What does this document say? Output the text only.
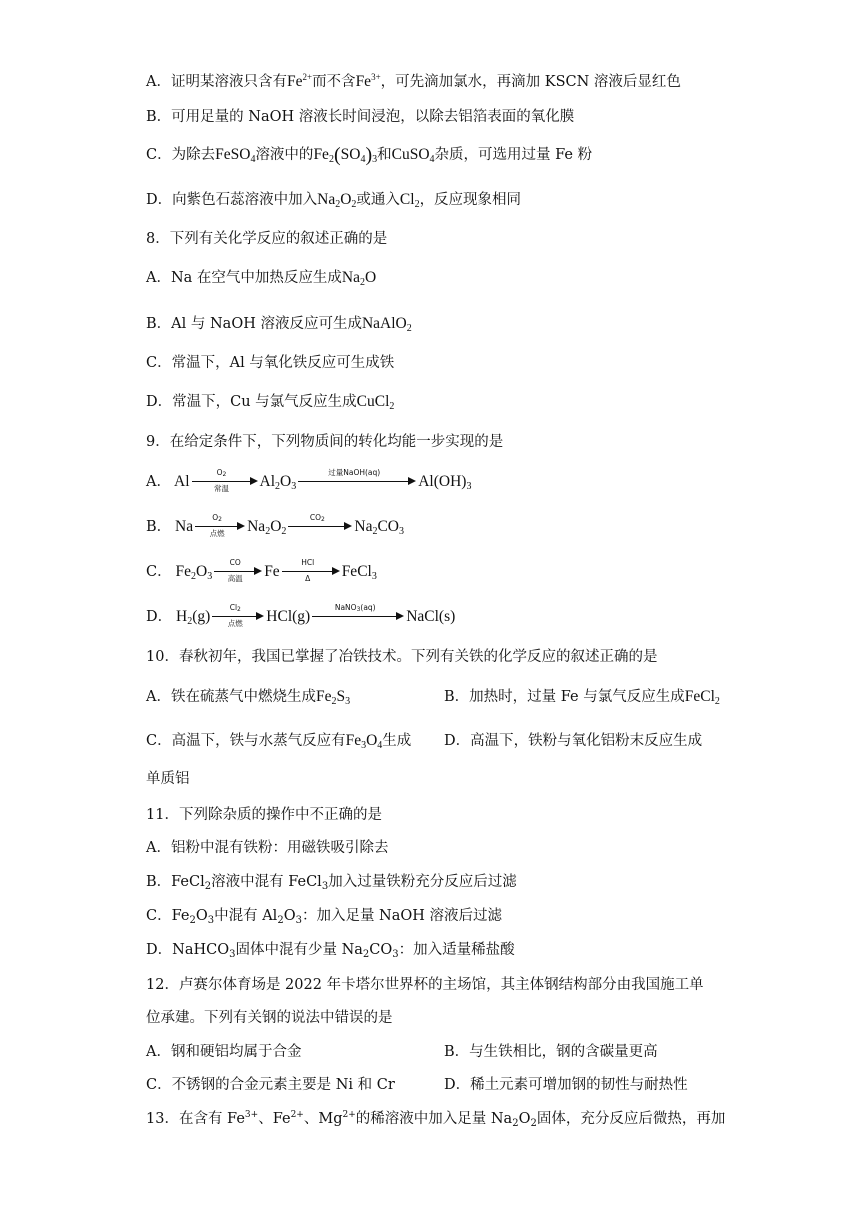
A．证明某溶液只含有$Fe^{2+}$而不含$Fe^{3+}$，可先滴加氯水，再滴加 KSCN 溶液后显红色
B．可用足量的 NaOH 溶液长时间浸泡，以除去铝箔表面的氧化膜
C．为除去FeSO$_4$溶液中的$Fe_2(SO_4)_3$和CuSO$_4$杂质，可选用过量 Fe 粉
D．向紫色石蕊溶液中加入$Na_2O_2$或通入$Cl_2$，反应现象相同
8．下列有关化学反应的叙述正确的是
A．Na 在空气中加热反应生成$Na_2O$
B．Al 与 NaOH 溶液反应可生成NaAlO$_2$
C．常温下，Al 与氧化铁反应可生成铁
D．常温下，Cu 与氯气反应生成CuCl$_2$
9．在给定条件下，下列物质间的转化均能一步实现的是
A． Al
$O_2$
常温	$Al_2O_3$
过量NaOH(aq)
$Al(OH)_3$
B． Na
$O_2$
点燃	$Na_2O_2$
$CO_2$	$Na_2CO_3$
C． $Fe_2O_3$
CO
高温	Fe
HCl
Δ	FeCl$_3$
D． $H_2(g)$
$Cl_2$
点燃	HCl(g)
NaNO$_3$(aq)
NaCl(s)
10．春秋初年，我国已掌握了冶铁技术。下列有关铁的化学反应的叙述正确的是
A．铁在硫蒸气中燃烧生成$Fe_2S_3$	B．加热时，过量 Fe 与氯气反应生成FeCl$_2$
C．高温下，铁与水蒸气反应有$Fe_3O_4$生成 D．高温下，铁粉与氧化铝粉末反应生成
单质铝
11．下列除杂质的操作中不正确的是
A．铝粉中混有铁粉：用磁铁吸引除去
B．FeCl$_2$溶液中混有 FeCl$_3$加入过量铁粉充分反应后过滤
C．$Fe_2O_3$中混有 $Al_2O_3$：加入足量 NaOH 溶液后过滤
D．NaHCO$_3$固体中混有少量 $Na_2CO_3$：加入适量稀盐酸
12．卢赛尔体育场是 2022 年卡塔尔世界杯的主场馆，其主体钢结构部分由我国施工单
位承建。下列有关钢的说法中错误的是
A．钢和硬铝均属于合金	B．与生铁相比，钢的含碳量更高
C．不锈钢的合金元素主要是 Ni 和 Cr	D．稀土元素可增加钢的韧性与耐热性
13．在含有 $Fe^{3+}$、$Fe^{2+}$、$Mg^{2+}$的稀溶液中加入足量 $Na_2O_2$固体，充分反应后微热，再加
